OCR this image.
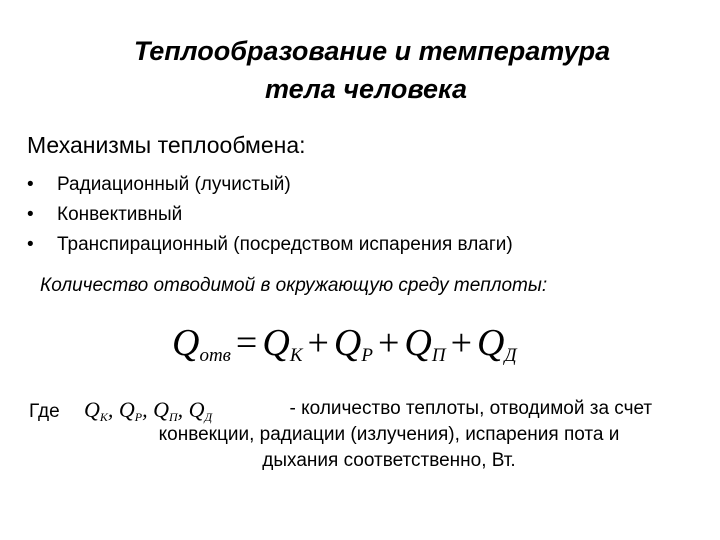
Теплообразование и температура
тела человека
Механизмы теплообмена:
•	Радиационный (лучистый)
•	Конвективный
•	Транспирационный (посредством испарения влаги)
Количество отводимой в окружающую среду теплоты:
$Q_{отв} = Q_К + Q_Р + Q_П + Q_Д$
Где $Q_К$, $Q_Р$, $Q_П$, $Q_Д$	- количество теплоты, отводимой за счет
конвекции, радиации (излучения), испарения пота и
дыхания соответственно, Вт.
